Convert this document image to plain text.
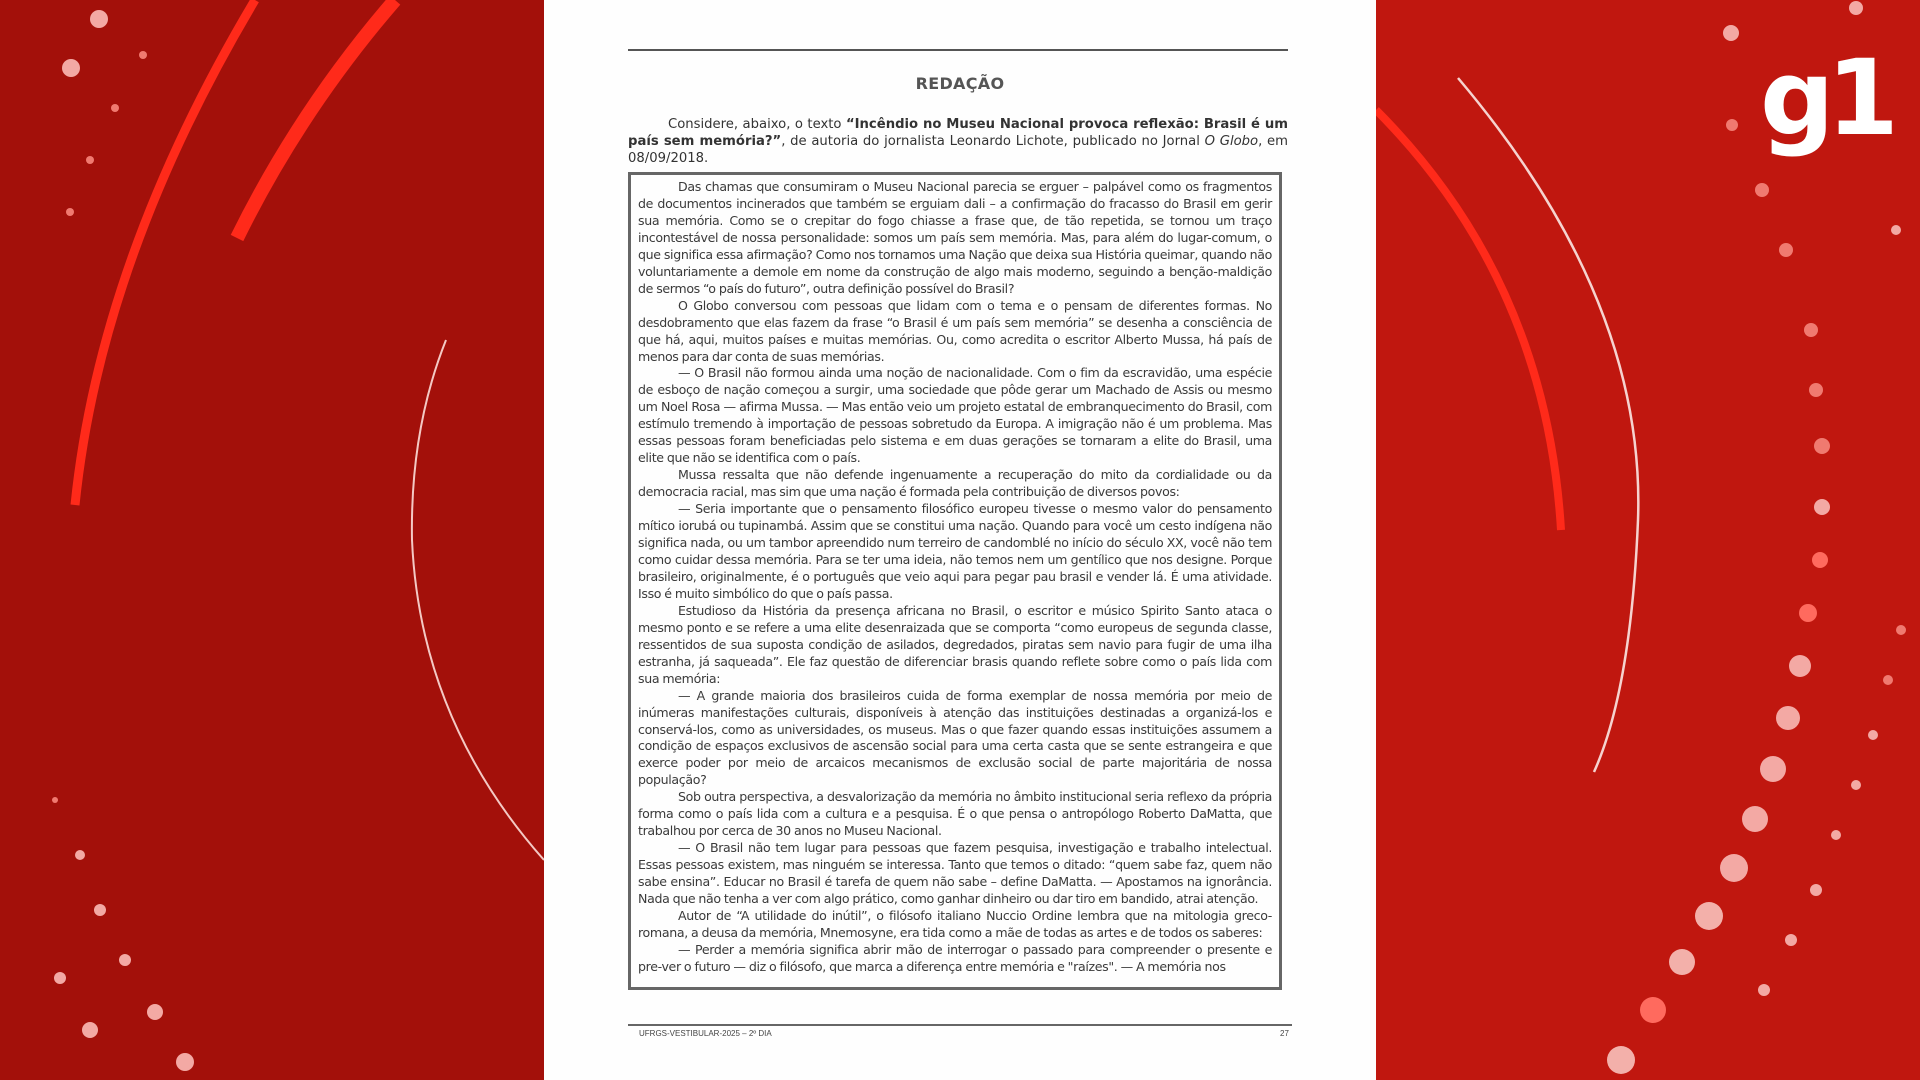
g1
REDAÇÃO
Considere, abaixo, o texto “Incêndio no Museu Nacional provoca reflexão: Brasil é um país sem memória?”, de autoria do jornalista Leonardo Lichote, publicado no Jornal O Globo, em 08/09/2018.

Das chamas que consumiram o Museu Nacional parecia se erguer – palpável como os fragmentos de documentos incinerados que também se erguiam dali – a confirmação do fracasso do Brasil em gerir sua memória. Como se o crepitar do fogo chiasse a frase que, de tão repetida, se tornou um traço incontestável de nossa personalidade: somos um país sem memória. Mas, para além do lugar-comum, o que significa essa afirmação? Como nos tornamos uma Nação que deixa sua História queimar, quando não voluntariamente a demole em nome da construção de algo mais moderno, seguindo a benção-maldição de sermos “o país do futuro”, outra definição possível do Brasil?

O Globo conversou com pessoas que lidam com o tema e o pensam de diferentes formas. No desdobramento que elas fazem da frase “o Brasil é um país sem memória” se desenha a consciência de que há, aqui, muitos países e muitas memórias. Ou, como acredita o escritor Alberto Mussa, há país de menos para dar conta de suas memórias.

— O Brasil não formou ainda uma noção de nacionalidade. Com o fim da escravidão, uma espécie de esboço de nação começou a surgir, uma sociedade que pôde gerar um Machado de Assis ou mesmo um Noel Rosa — afirma Mussa. — Mas então veio um projeto estatal de embranquecimento do Brasil, com estímulo tremendo à importação de pessoas sobretudo da Europa. A imigração não é um problema. Mas essas pessoas foram beneficiadas pelo sistema e em duas gerações se tornaram a elite do Brasil, uma elite que não se identifica com o país.

Mussa ressalta que não defende ingenuamente a recuperação do mito da cordialidade ou da democracia racial, mas sim que uma nação é formada pela contribuição de diversos povos:

— Seria importante que o pensamento filosófico europeu tivesse o mesmo valor do pensamento mítico iorubá ou tupinambá. Assim que se constitui uma nação. Quando para você um cesto indígena não significa nada, ou um tambor apreendido num terreiro de candomblé no início do século XX, você não tem como cuidar dessa memória. Para se ter uma ideia, não temos nem um gentílico que nos designe. Porque brasileiro, originalmente, é o português que veio aqui para pegar pau brasil e vender lá. É uma atividade. Isso é muito simbólico do que o país passa.

Estudioso da História da presença africana no Brasil, o escritor e músico Spirito Santo ataca o mesmo ponto e se refere a uma elite desenraizada que se comporta “como europeus de segunda classe, ressentidos de sua suposta condição de asilados, degredados, piratas sem navio para fugir de uma ilha estranha, já saqueada”. Ele faz questão de diferenciar brasis quando reflete sobre como o país lida com sua memória:

— A grande maioria dos brasileiros cuida de forma exemplar de nossa memória por meio de inúmeras manifestações culturais, disponíveis à atenção das instituições destinadas a organizá-los e conservá-los, como as universidades, os museus. Mas o que fazer quando essas instituições assumem a condição de espaços exclusivos de ascensão social para uma certa casta que se sente estrangeira e que exerce poder por meio de arcaicos mecanismos de exclusão social de parte majoritária de nossa população?

Sob outra perspectiva, a desvalorização da memória no âmbito institucional seria reflexo da própria forma como o país lida com a cultura e a pesquisa. É o que pensa o antropólogo Roberto DaMatta, que trabalhou por cerca de 30 anos no Museu Nacional.

— O Brasil não tem lugar para pessoas que fazem pesquisa, investigação e trabalho intelectual. Essas pessoas existem, mas ninguém se interessa. Tanto que temos o ditado: “quem sabe faz, quem não sabe ensina”. Educar no Brasil é tarefa de quem não sabe – define DaMatta. — Apostamos na ignorância. Nada que não tenha a ver com algo prático, como ganhar dinheiro ou dar tiro em bandido, atrai atenção.

Autor de “A utilidade do inútil”, o filósofo italiano Nuccio Ordine lembra que na mitologia greco-romana, a deusa da memória, Mnemosyne, era tida como a mãe de todas as artes e de todos os saberes:

— Perder a memória significa abrir mão de interrogar o passado para compreender o presente e pre-ver o futuro — diz o filósofo, que marca a diferença entre memória e "raízes". — A memória nos

UFRGS-VESTIBULAR-2025 – 2º DIA	27
